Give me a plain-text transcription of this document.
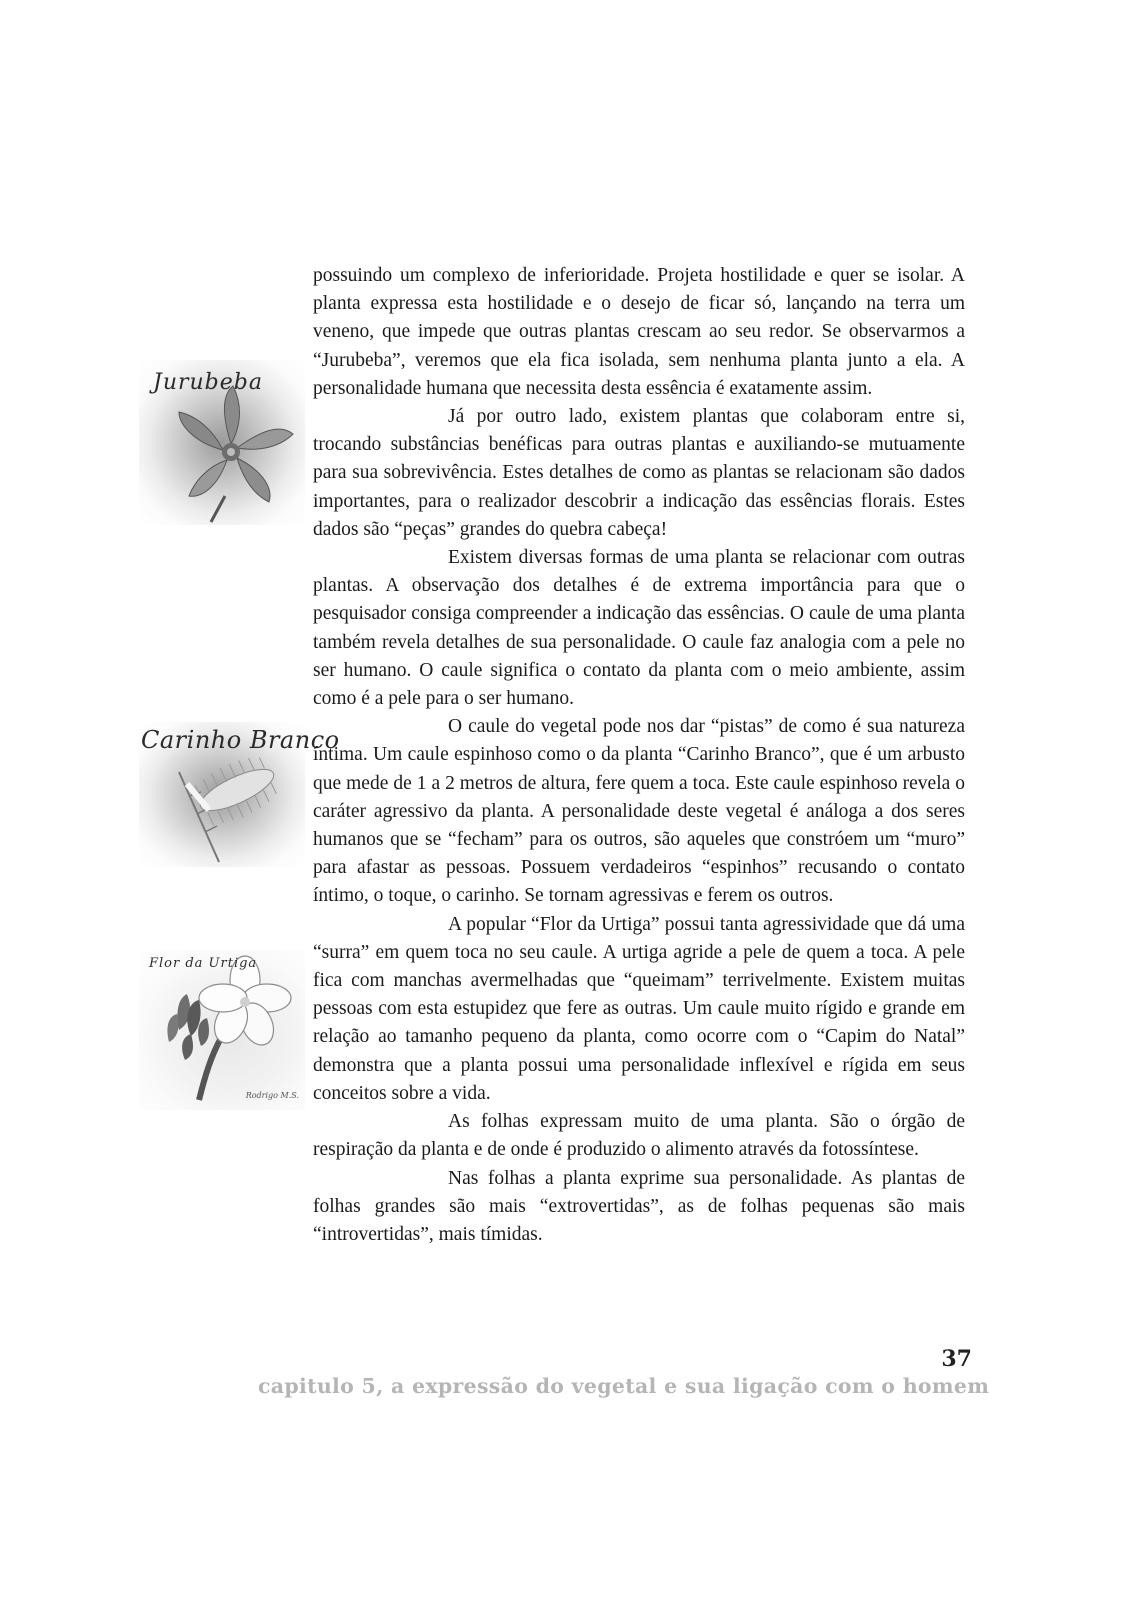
Jurubeba
Carinho Branco
Flor da Urtiga
Rodrigo M.S.

possuindo um complexo de inferioridade. Projeta hostilidade e quer se isolar. A planta expressa esta hostilidade e o desejo de ficar só, lançando na terra um veneno, que impede que outras plantas crescam ao seu redor. Se observarmos a “Jurubeba”, veremos que ela fica isolada, sem nenhuma planta junto a ela. A personalidade humana que necessita desta essência é exatamente assim.

Já por outro lado, existem plantas que colaboram entre si, trocando substâncias benéficas para outras plantas e auxiliando-se mutuamente para sua sobrevivência. Estes detalhes de como as plantas se relacionam são dados importantes, para o realizador descobrir a indicação das essências florais. Estes dados são “peças” grandes do quebra cabeça!

Existem diversas formas de uma planta se relacionar com outras plantas. A observação dos detalhes é de extrema importância para que o pesquisador consiga compreender a indicação das essências. O caule de uma planta também revela detalhes de sua personalidade. O caule faz analogia com a pele no ser humano. O caule significa o contato da planta com o meio ambiente, assim como é a pele para o ser humano.

O caule do vegetal pode nos dar “pistas” de como é sua natureza íntima. Um caule espinhoso como o da planta “Carinho Branco”, que é um arbusto que mede de 1 a 2 metros de altura, fere quem a toca. Este caule espinhoso revela o caráter agressivo da planta. A personalidade deste vegetal é análoga a dos seres humanos que se “fecham” para os outros, são aqueles que constróem um “muro” para afastar as pessoas. Possuem verdadeiros “espinhos” recusando o contato íntimo, o toque, o carinho. Se tornam agressivas e ferem os outros.

A popular “Flor da Urtiga” possui tanta agressividade que dá uma “surra” em quem toca no seu caule. A urtiga agride a pele de quem a toca. A pele fica com manchas avermelhadas que “queimam” terrivelmente. Existem muitas pessoas com esta estupidez que fere as outras. Um caule muito rígido e grande em relação ao tamanho pequeno da planta, como ocorre com o “Capim do Natal” demonstra que a planta possui uma personalidade inflexível e rígida em seus conceitos sobre a vida.

As folhas expressam muito de uma planta. São o órgão de respiração da planta e de onde é produzido o alimento através da fotossíntese.

Nas folhas a planta exprime sua personalidade. As plantas de folhas grandes são mais “extrovertidas”, as de folhas pequenas são mais “introvertidas”, mais tímidas.

37
capitulo 5, a expressão do vegetal e sua ligação com o homem
